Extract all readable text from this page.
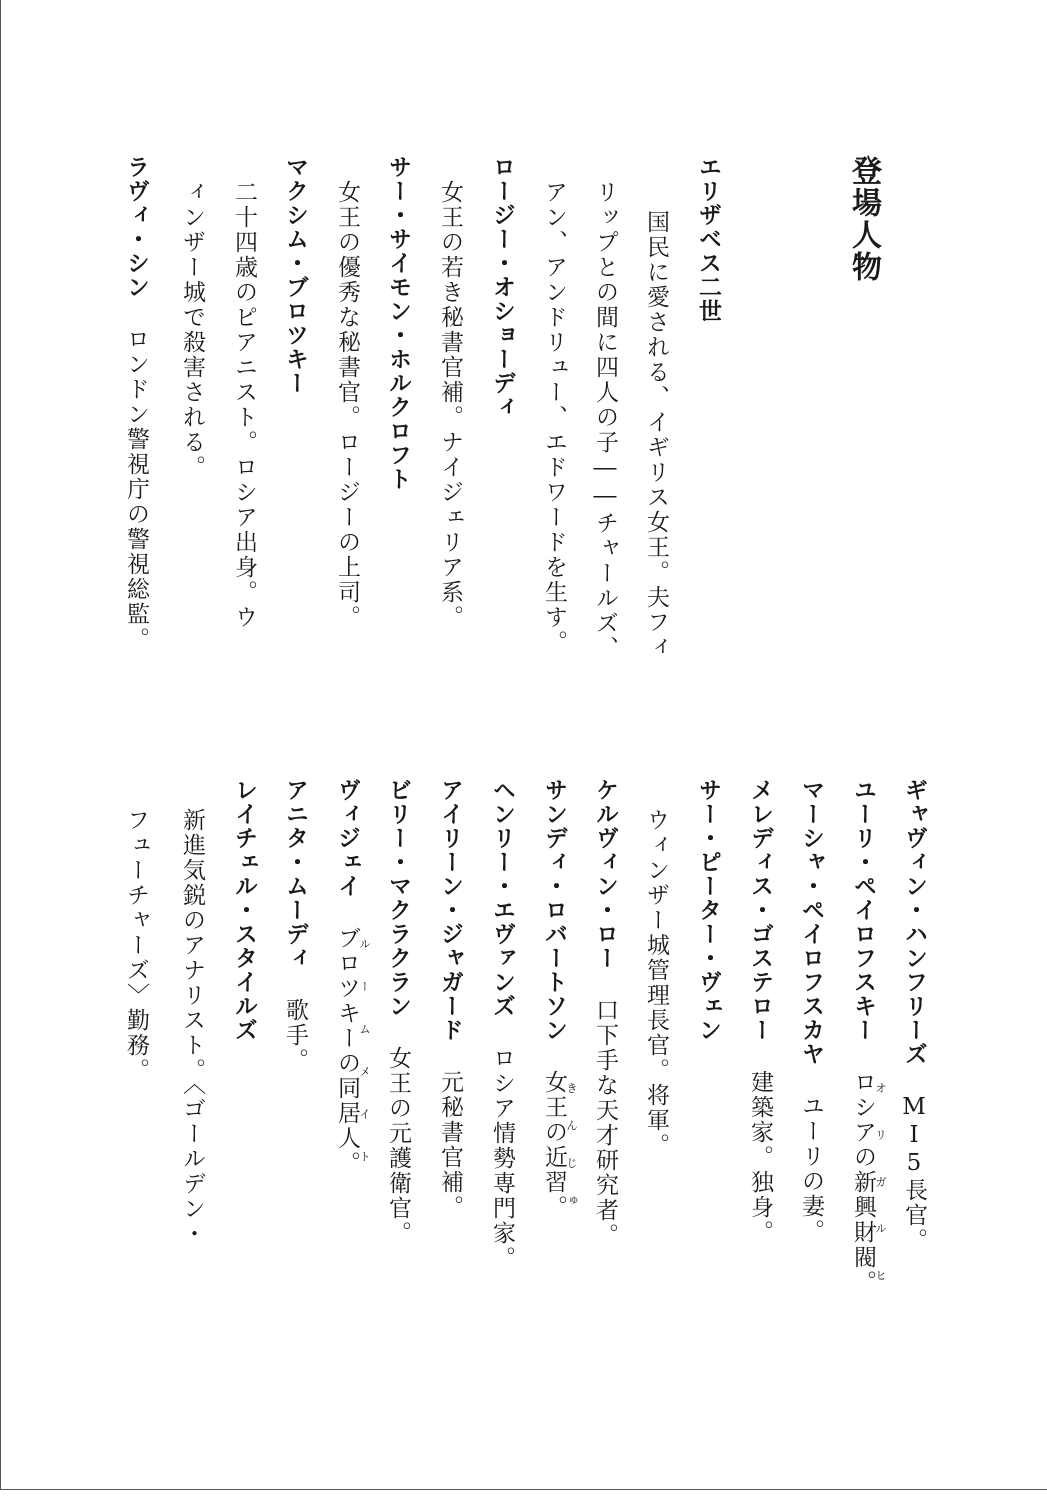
登場人物
エリザベス二世
国民に愛される、イギリス女王。夫フィ
リップとの間に四人の子――チャールズ、
アン、アンドリュー、エドワードを生す。
ロージー・オショーディ
女王の若き秘書官補。ナイジェリア系。
サー・サイモン・ホルクロフト
女王の優秀な秘書官。ロージーの上司。
マクシム・ブロツキー
二十四歳のピアニスト。ロシア出身。ウ
ィンザー城で殺害される。
ラヴィ・シンロンドン警視庁の警視総監。
ギャヴィン・ハンフリーズMI5長官。
ユーリ・ペイロフスキーロシアの新興財閥。オリガルヒ
マーシャ・ペイロフスカヤユーリの妻。
メレディス・ゴステロー建築家。独身。
サー・ピーター・ヴェン
ウィンザー城管理長官。将軍。
ケルヴィン・ロー口下手な天才研究者。
サンディ・ロバートソン女王の近習。きんじゅ
ヘンリー・エヴァンズロシア情勢専門家。
アイリーン・ジャガード元秘書官補。
ビリー・マクラクラン女王の元護衛官。
ヴィジェイブロツキーの同居人。ルームメイト
アニタ・ムーディ歌手。
レイチェル・スタイルズ
新進気鋭のアナリスト。〈ゴールデン・
フューチャーズ〉勤務。
